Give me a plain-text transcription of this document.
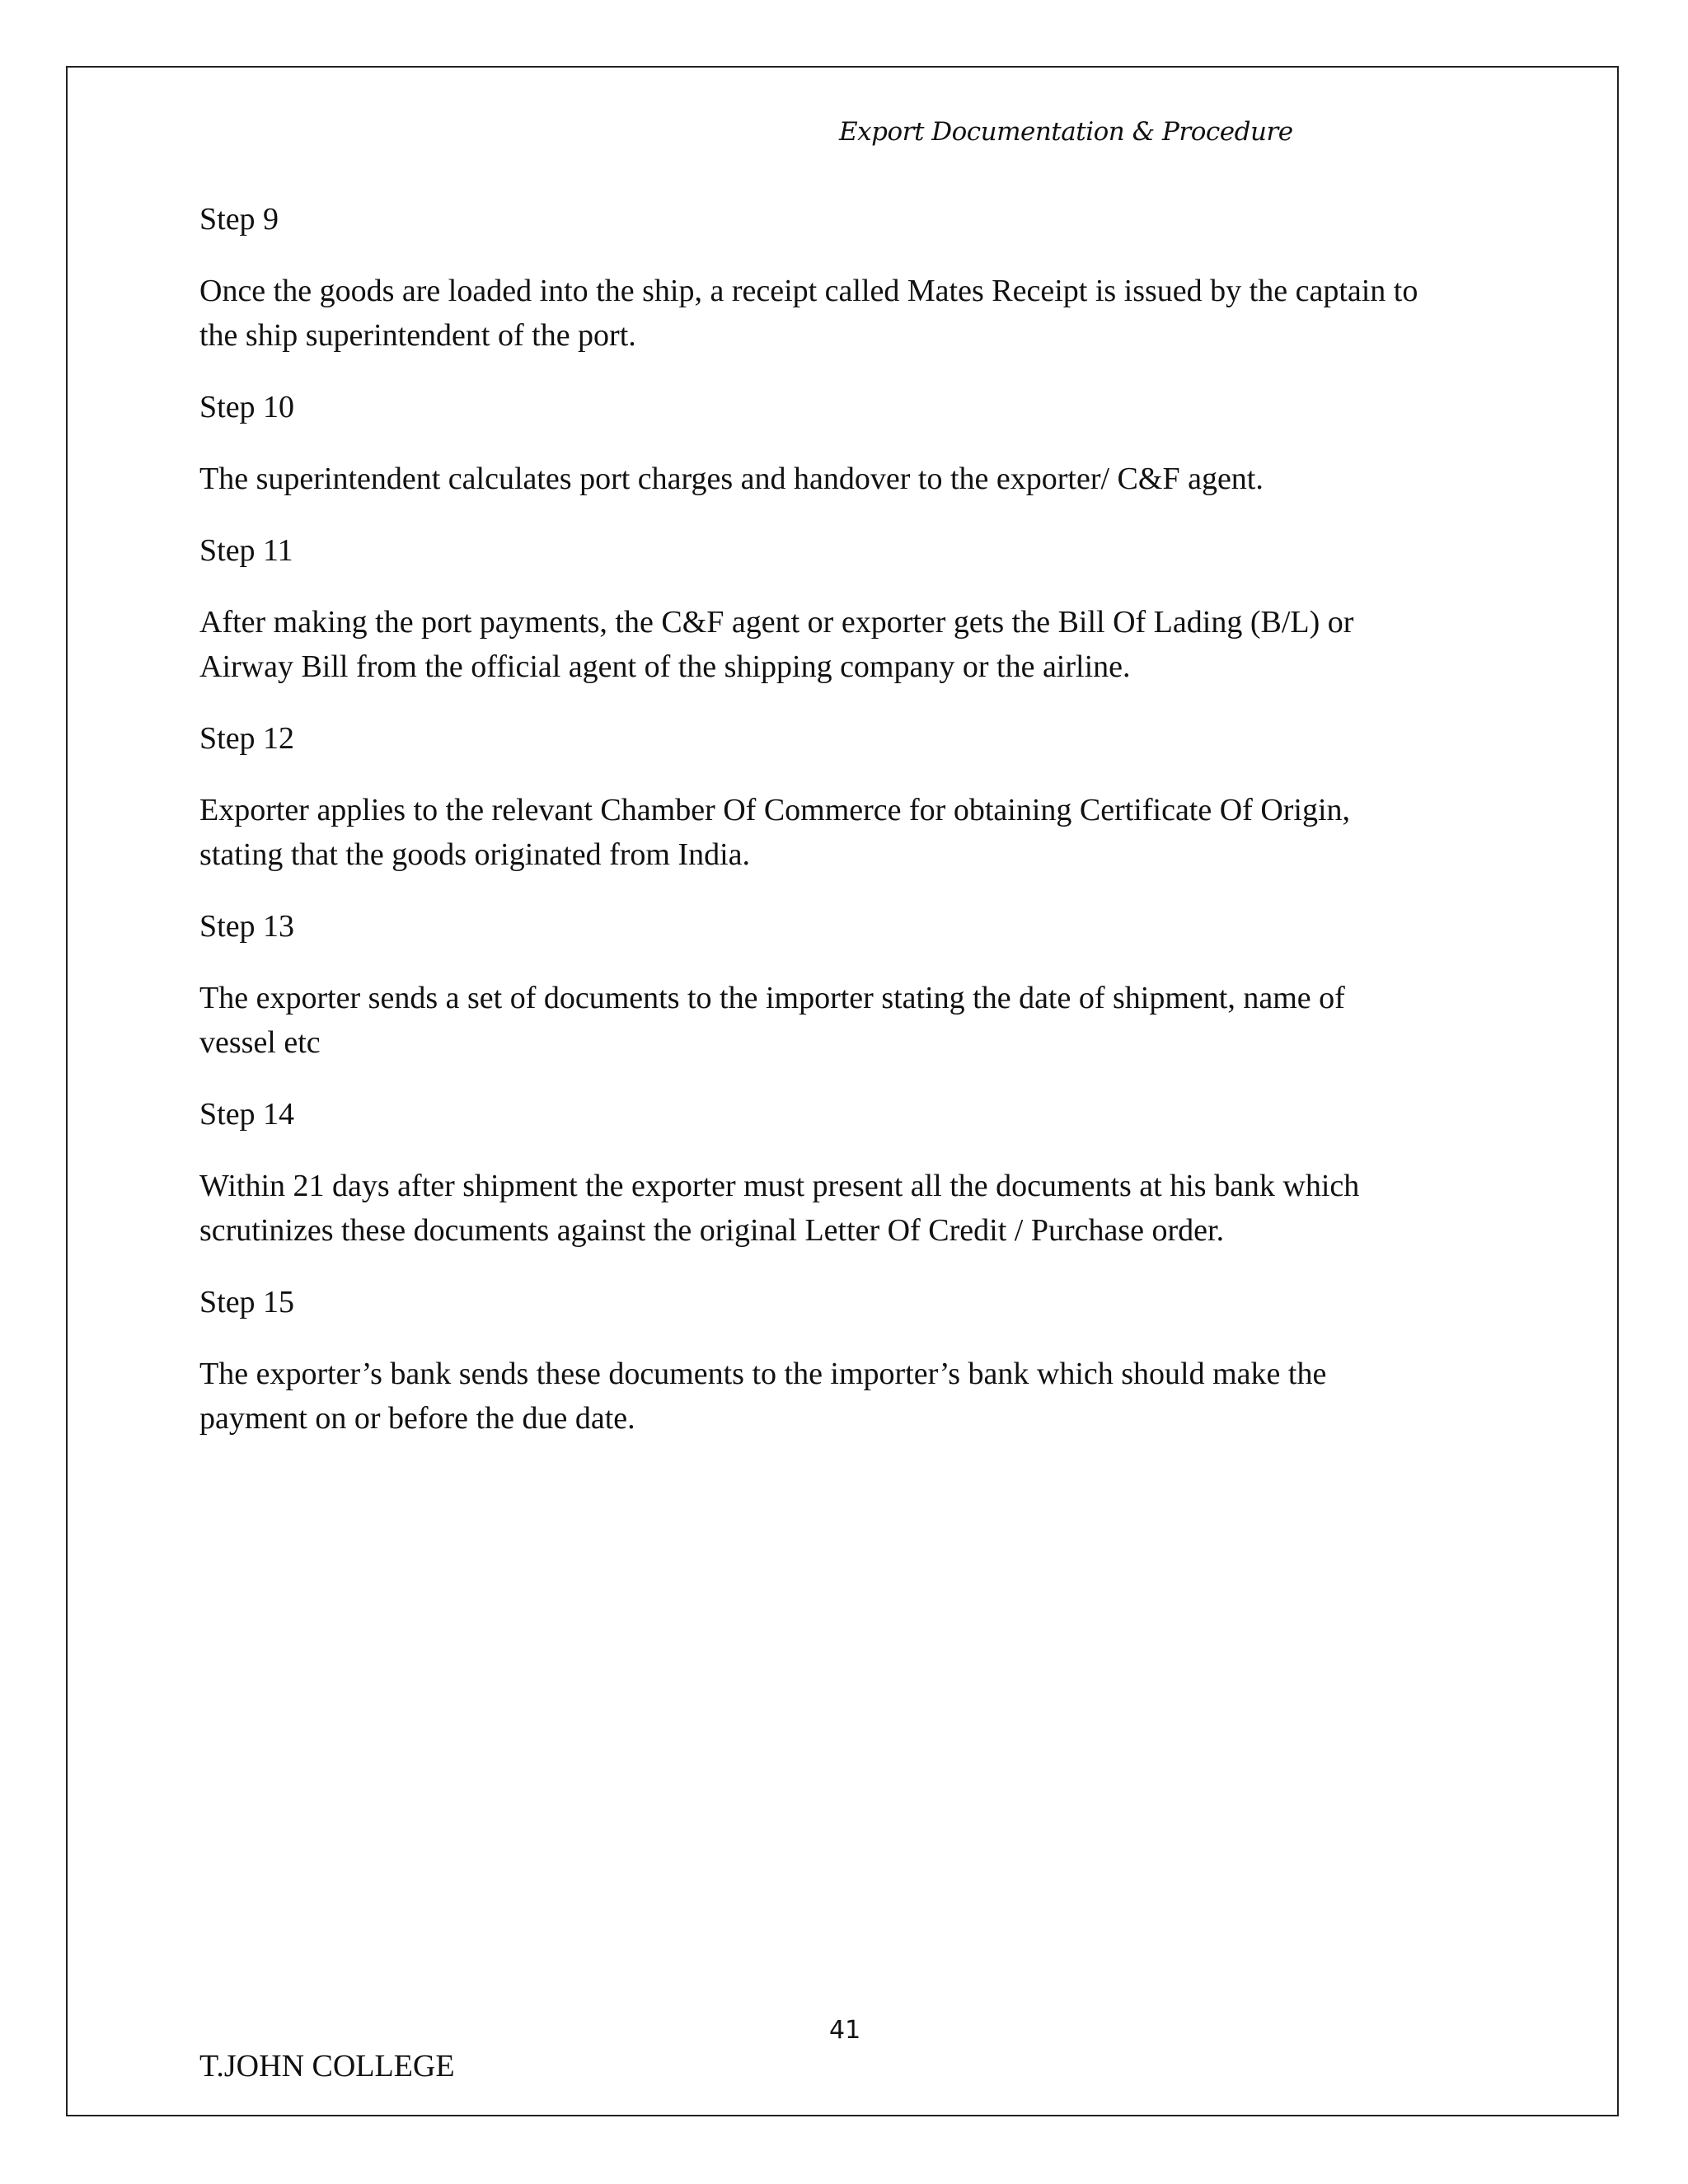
Export Documentation & Procedure

Step 9

Once the goods are loaded into the ship, a receipt called Mates Receipt is issued by the captain to
the ship superintendent of the port.

Step 10

The superintendent calculates port charges and handover to the exporter/ C&F agent.

Step 11

After making the port payments, the C&F agent or exporter gets the Bill Of Lading (B/L) or
Airway Bill from the official agent of the shipping company or the airline.

Step 12

Exporter applies to the relevant Chamber Of Commerce for obtaining Certificate Of Origin,
stating that the goods originated from India.

Step 13

The exporter sends a set of documents to the importer stating the date of shipment, name of
vessel etc

Step 14

Within 21 days after shipment the exporter must present all the documents at his bank which
scrutinizes these documents against the original Letter Of Credit / Purchase order.

Step 15

The exporter’s bank sends these documents to the importer’s bank which should make the
payment on or before the due date.

41
T.JOHN COLLEGE
